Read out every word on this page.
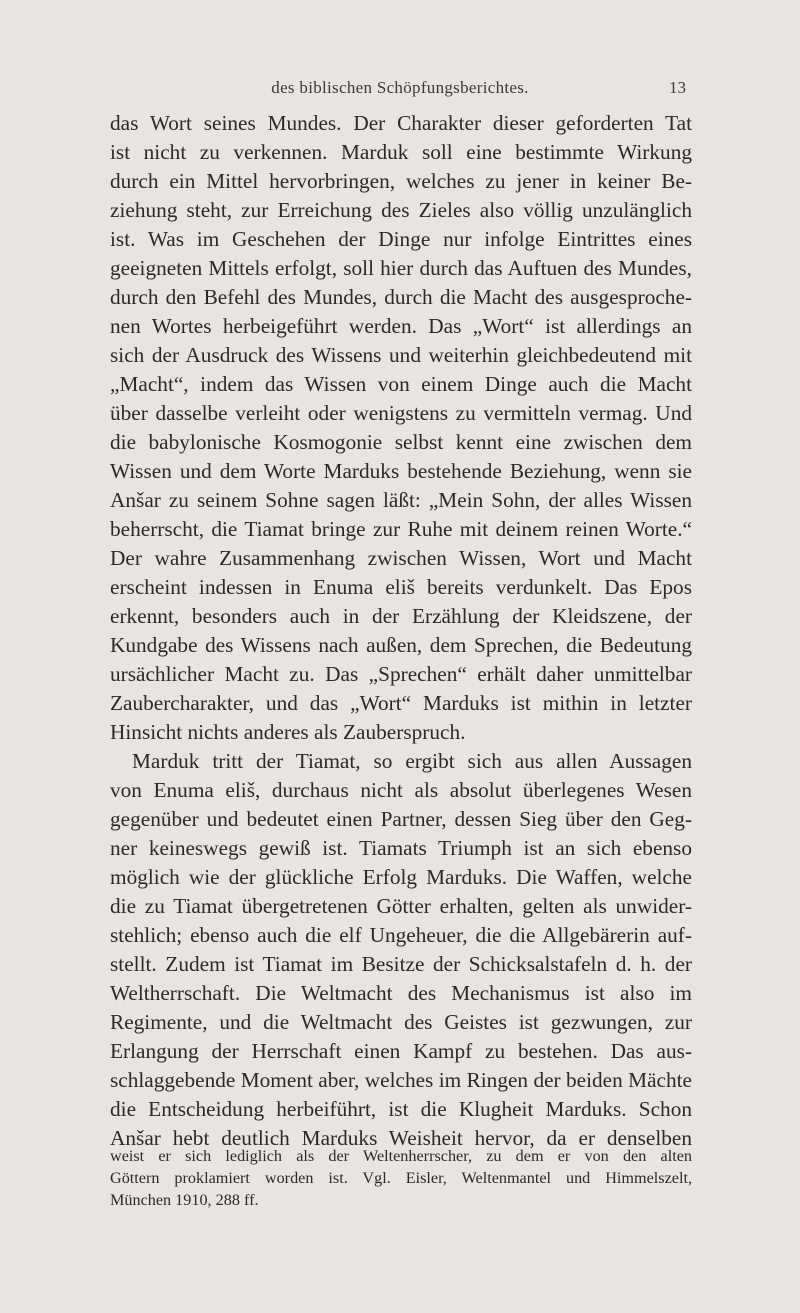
des biblischen Schöpfungsberichtes.	13
das Wort seines Mundes. Der Charakter dieser geforderten Tat
ist nicht zu verkennen. Marduk soll eine bestimmte Wirkung
durch ein Mittel hervorbringen, welches zu jener in keiner Be-
ziehung steht, zur Erreichung des Zieles also völlig unzulänglich
ist. Was im Geschehen der Dinge nur infolge Eintrittes eines
geeigneten Mittels erfolgt, soll hier durch das Auftuen des Mundes,
durch den Befehl des Mundes, durch die Macht des ausgesproche-
nen Wortes herbeigeführt werden. Das „Wort“ ist allerdings an
sich der Ausdruck des Wissens und weiterhin gleichbedeutend mit
„Macht“, indem das Wissen von einem Dinge auch die Macht
über dasselbe verleiht oder wenigstens zu vermitteln vermag. Und
die babylonische Kosmogonie selbst kennt eine zwischen dem
Wissen und dem Worte Marduks bestehende Beziehung, wenn sie
Anšar zu seinem Sohne sagen läßt: „Mein Sohn, der alles Wissen
beherrscht, die Tiamat bringe zur Ruhe mit deinem reinen Worte.“
Der wahre Zusammenhang zwischen Wissen, Wort und Macht
erscheint indessen in Enuma eliš bereits verdunkelt. Das Epos
erkennt, besonders auch in der Erzählung der Kleidszene, der
Kundgabe des Wissens nach außen, dem Sprechen, die Bedeutung
ursächlicher Macht zu. Das „Sprechen“ erhält daher unmittelbar
Zaubercharakter, und das „Wort“ Marduks ist mithin in letzter
Hinsicht nichts anderes als Zauberspruch.
Marduk tritt der Tiamat, so ergibt sich aus allen Aussagen
von Enuma eliš, durchaus nicht als absolut überlegenes Wesen
gegenüber und bedeutet einen Partner, dessen Sieg über den Geg-
ner keineswegs gewiß ist. Tiamats Triumph ist an sich ebenso
möglich wie der glückliche Erfolg Marduks. Die Waffen, welche
die zu Tiamat übergetretenen Götter erhalten, gelten als unwider-
stehlich; ebenso auch die elf Ungeheuer, die die Allgebärerin auf-
stellt. Zudem ist Tiamat im Besitze der Schicksalstafeln d. h. der
Weltherrschaft. Die Weltmacht des Mechanismus ist also im
Regimente, und die Weltmacht des Geistes ist gezwungen, zur
Erlangung der Herrschaft einen Kampf zu bestehen. Das aus-
schlaggebende Moment aber, welches im Ringen der beiden Mächte
die Entscheidung herbeiführt, ist die Klugheit Marduks. Schon
Anšar hebt deutlich Marduks Weisheit hervor, da er denselben
weist er sich lediglich als der Weltenherrscher, zu dem er von den alten
Göttern proklamiert worden ist. Vgl. Eisler, Weltenmantel und Himmelszelt,
München 1910, 288 ff.
